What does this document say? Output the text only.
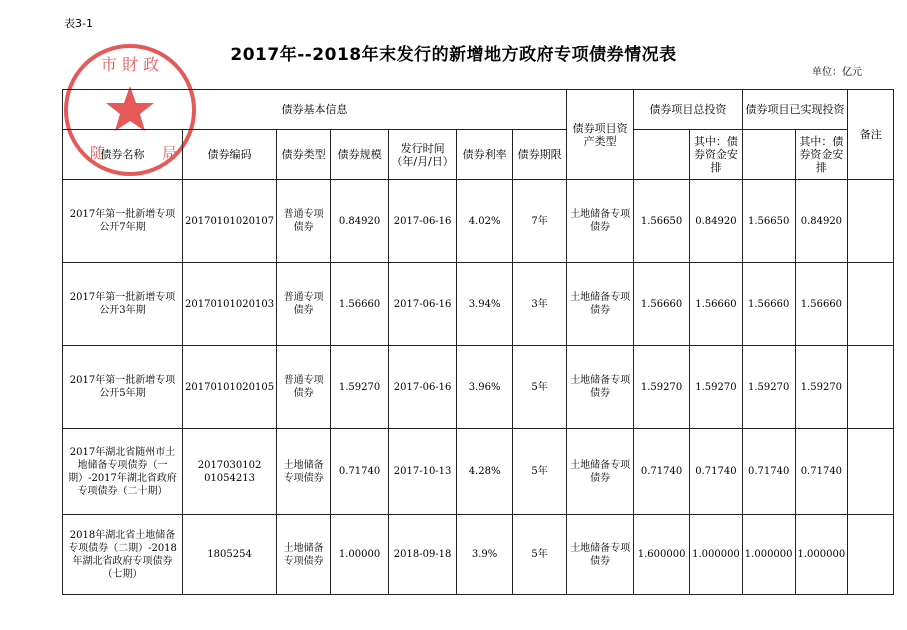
表3-1
2017年--2018年末发行的新增地方政府专项债券情况表
单位：亿元
市 財 政
随	局
债券基本信息							债券项目资产类型	债券项目总投资		债券项目已实现投资		备注
债券名称	债券编码	债券类型	债券规模	发行时间（年/月/日）	债券利率	债券期限			其中：债券资金安排		其中：债券资金安排	
2017年第一批新增专项公开7年期	20170101020107	普通专项债券	0.84920	2017-06-16	4.02%	7年	土地储备专项债券	1.56650	0.84920	1.56650	0.84920	
2017年第一批新增专项公开3年期	20170101020103	普通专项债券	1.56660	2017-06-16	3.94%	3年	土地储备专项债券	1.56660	1.56660	1.56660	1.56660	
2017年第一批新增专项公开5年期	20170101020105	普通专项债券	1.59270	2017-06-16	3.96%	5年	土地储备专项债券	1.59270	1.59270	1.59270	1.59270	
2017年湖北省随州市土地储备专项债券（一期）-2017年湖北省政府专项债券（二十期）	2017030102 01054213	土地储备专项债券	0.71740	2017-10-13	4.28%	5年	土地储备专项债券	0.71740	0.71740	0.71740	0.71740	
2018年湖北省土地储备专项债券（二期）-2018年湖北省政府专项债券（七期）	1805254	土地储备专项债券	1.00000	2018-09-18	3.9%	5年	土地储备专项债券	1.600000	1.000000	1.000000	1.000000	
